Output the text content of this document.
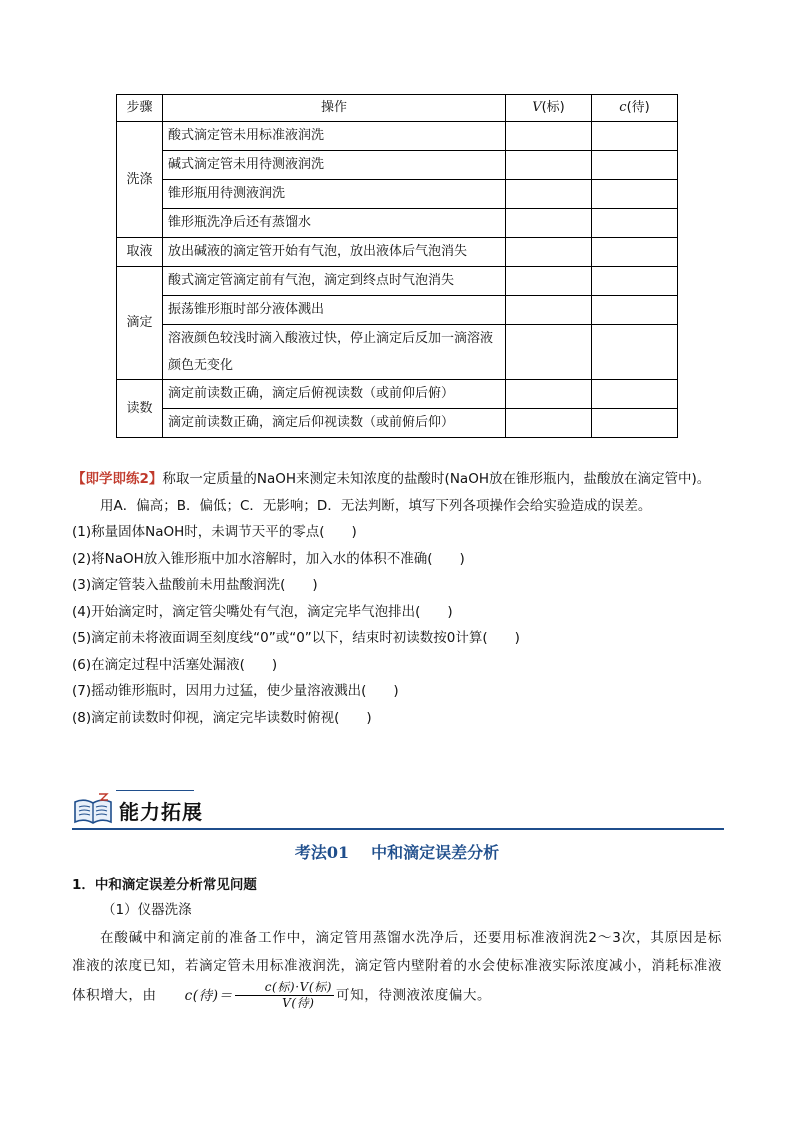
步骤	操作	V(标)	c(待)
洗涤	酸式滴定管未用标准液润洗		
	碱式滴定管未用待测液润洗		
	锥形瓶用待测液润洗		
	锥形瓶洗净后还有蒸馏水		
取液	放出碱液的滴定管开始有气泡，放出液体后气泡消失		
滴定	酸式滴定管滴定前有气泡，滴定到终点时气泡消失		
	振荡锥形瓶时部分液体溅出		

	溶液颜色较浅时滴入酸液过快，停止滴定后反加一滴溶液颜色无变化		

读数	滴定前读数正确，滴定后俯视读数（或前仰后俯）		
	滴定前读数正确，滴定后仰视读数（或前俯后仰）		
【即学即练2】称取一定质量的NaOH来测定未知浓度的盐酸时(NaOH放在锥形瓶内，盐酸放在滴定管中)。
用A．偏高；B．偏低；C．无影响；D．无法判断，填写下列各项操作会给实验造成的误差。
(1)称量固体NaOH时，未调节天平的零点(　　)
(2)将NaOH放入锥形瓶中加水溶解时，加入水的体积不准确(　　)
(3)滴定管装入盐酸前未用盐酸润洗(　　)
(4)开始滴定时，滴定管尖嘴处有气泡，滴定完毕气泡排出(　　)
(5)滴定前未将液面调至刻度线“0”或“0”以下，结束时初读数按0计算(　　)
(6)在滴定过程中活塞处漏液(　　)
(7)摇动锥形瓶时，因用力过猛，使少量溶液溅出(　　)
(8)滴定前读数时仰视，滴定完毕读数时俯视(　　)
能力拓展
考法01 中和滴定误差分析
1．中和滴定误差分析常见问题
（1）仪器洗涤
在酸碱中和滴定前的准备工作中，滴定管用蒸馏水洗净后，还要用标准液润洗2～3次，其原因是标准液的浓度已知，若滴定管未用标准液润洗，滴定管内壁附着的水会使标准液实际浓度减小，消耗标准液体积增大，由	c(待)＝ $\frac{\text{c(标)·V(标)}}{\text{V(待)}}$ 可知，待测液浓度偏大。
